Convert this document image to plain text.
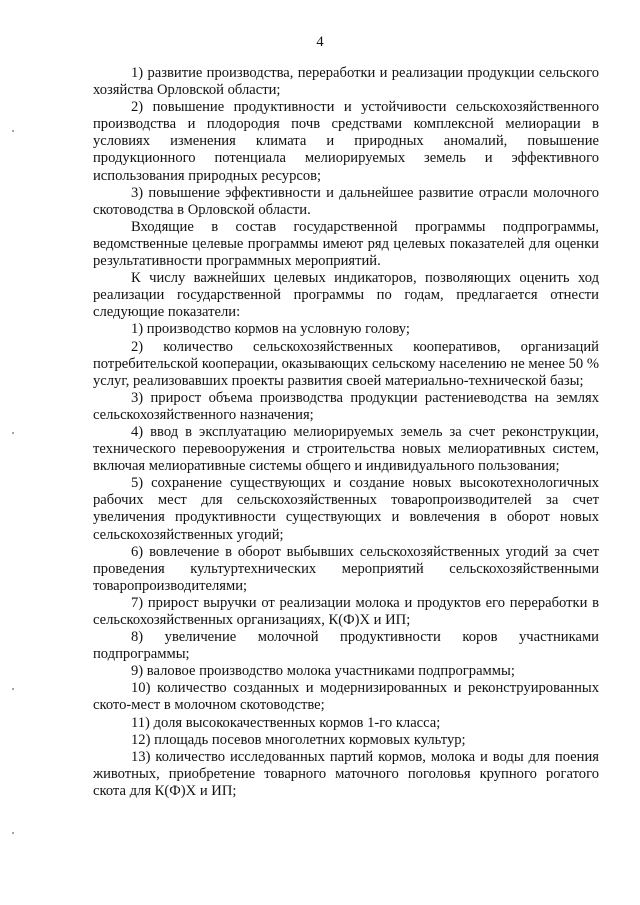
4

1) развитие производства, переработки и реализации продукции сельского хозяйства Орловской области;

2) повышение продуктивности и устойчивости сельскохозяйственного производства и плодородия почв средствами комплексной мелиорации в условиях изменения климата и природных аномалий, повышение продукционного потенциала мелиорируемых земель и эффективного использования природных ресурсов;

3) повышение эффективности и дальнейшее развитие отрасли молочного скотоводства в Орловской области.

Входящие в состав государственной программы подпрограммы, ведомственные целевые программы имеют ряд целевых показателей для оценки результативности программных мероприятий.

К числу важнейших целевых индикаторов, позволяющих оценить ход реализации государственной программы по годам, предлагается отнести следующие показатели:

1) производство кормов на условную голову;

2) количество сельскохозяйственных кооперативов, организаций потребительской кооперации, оказывающих сельскому населению не менее 50 % услуг, реализовавших проекты развития своей материально-технической базы;

3) прирост объема производства продукции растениеводства на землях сельскохозяйственного назначения;

4) ввод в эксплуатацию мелиорируемых земель за счет реконструкции, технического перевооружения и строительства новых мелиоративных систем, включая мелиоративные системы общего и индивидуального пользования;

5) сохранение существующих и создание новых высокотехнологичных рабочих мест для сельскохозяйственных товаропроизводителей за счет увеличения продуктивности существующих и вовлечения в оборот новых сельскохозяйственных угодий;

6) вовлечение в оборот выбывших сельскохозяйственных угодий за счет проведения культуртехнических мероприятий сельскохозяйственными товаропроизводителями;

7) прирост выручки от реализации молока и продуктов его переработки в сельскохозяйственных организациях, К(Ф)Х и ИП;

8) увеличение молочной продуктивности коров участниками подпрограммы;

9) валовое производство молока участниками подпрограммы;

10) количество созданных и модернизированных и реконструированных ското-мест в молочном скотоводстве;

11) доля высококачественных кормов 1-го класса;

12) площадь посевов многолетних кормовых культур;

13) количество исследованных партий кормов, молока и воды для поения животных, приобретение товарного маточного поголовья крупного рогатого скота для К(Ф)Х и ИП;
